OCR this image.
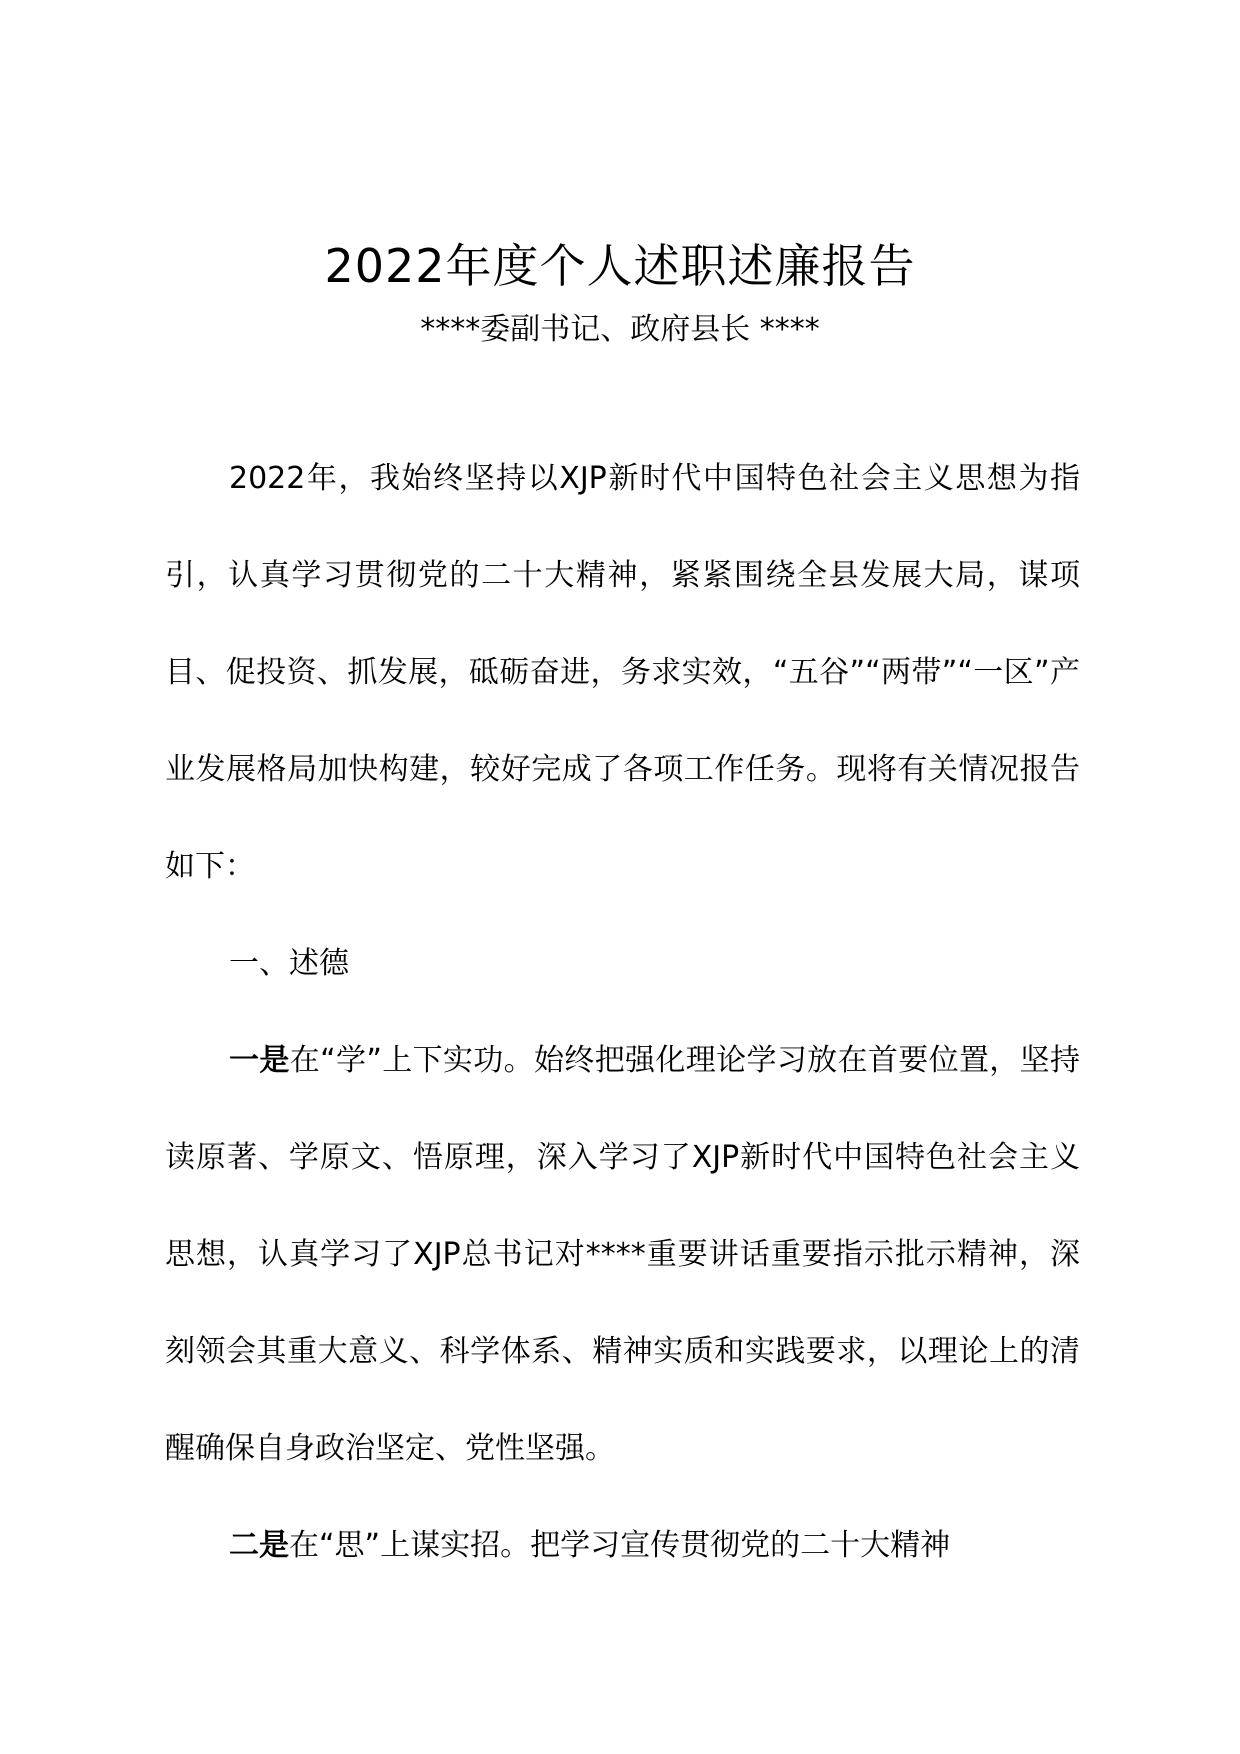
2022年度个人述职述廉报告
****委副书记、政府县长 ****

2022年，我始终坚持以XJP新时代中国特色社会主义思想为指引，认真学习贯彻党的二十大精神，紧紧围绕全县发展大局，谋项目、促投资、抓发展，砥砺奋进，务求实效，“五谷”“两带”“一区”产业发展格局加快构建，较好完成了各项工作任务。现将有关情况报告如下：

一、述德

一是在“学”上下实功。始终把强化理论学习放在首要位置，坚持读原著、学原文、悟原理，深入学习了XJP新时代中国特色社会主义思想，认真学习了XJP总书记对****重要讲话重要指示批示精神，深刻领会其重大意义、科学体系、精神实质和实践要求，以理论上的清醒确保自身政治坚定、党性坚强。

二是在“思”上谋实招。把学习宣传贯彻党的二十大精神
